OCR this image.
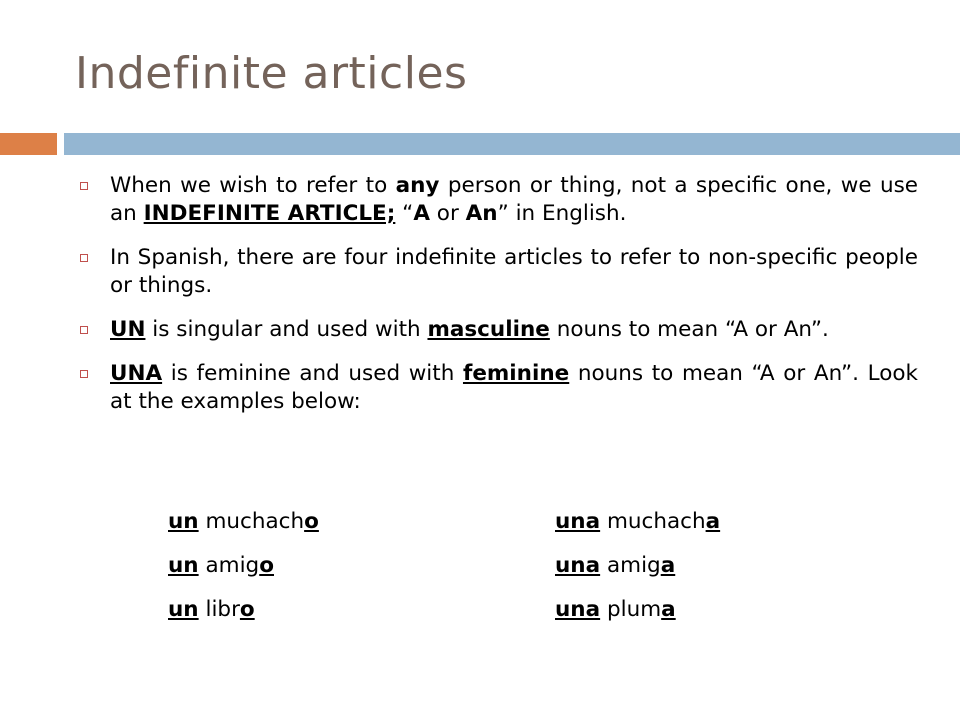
Indefinite articles
When we wish to refer to any person or thing, not a specific one, we use an INDEFINITE ARTICLE; “A or An” in English.
In Spanish, there are four indefinite articles to refer to non-specific people or things.
UN is singular and used with masculine nouns to mean “A or An”.
UNA is feminine and used with feminine nouns to mean “A or An”. Look at the examples below:
un muchacho
un amigo
un libro
una muchacha
una amiga
una pluma
